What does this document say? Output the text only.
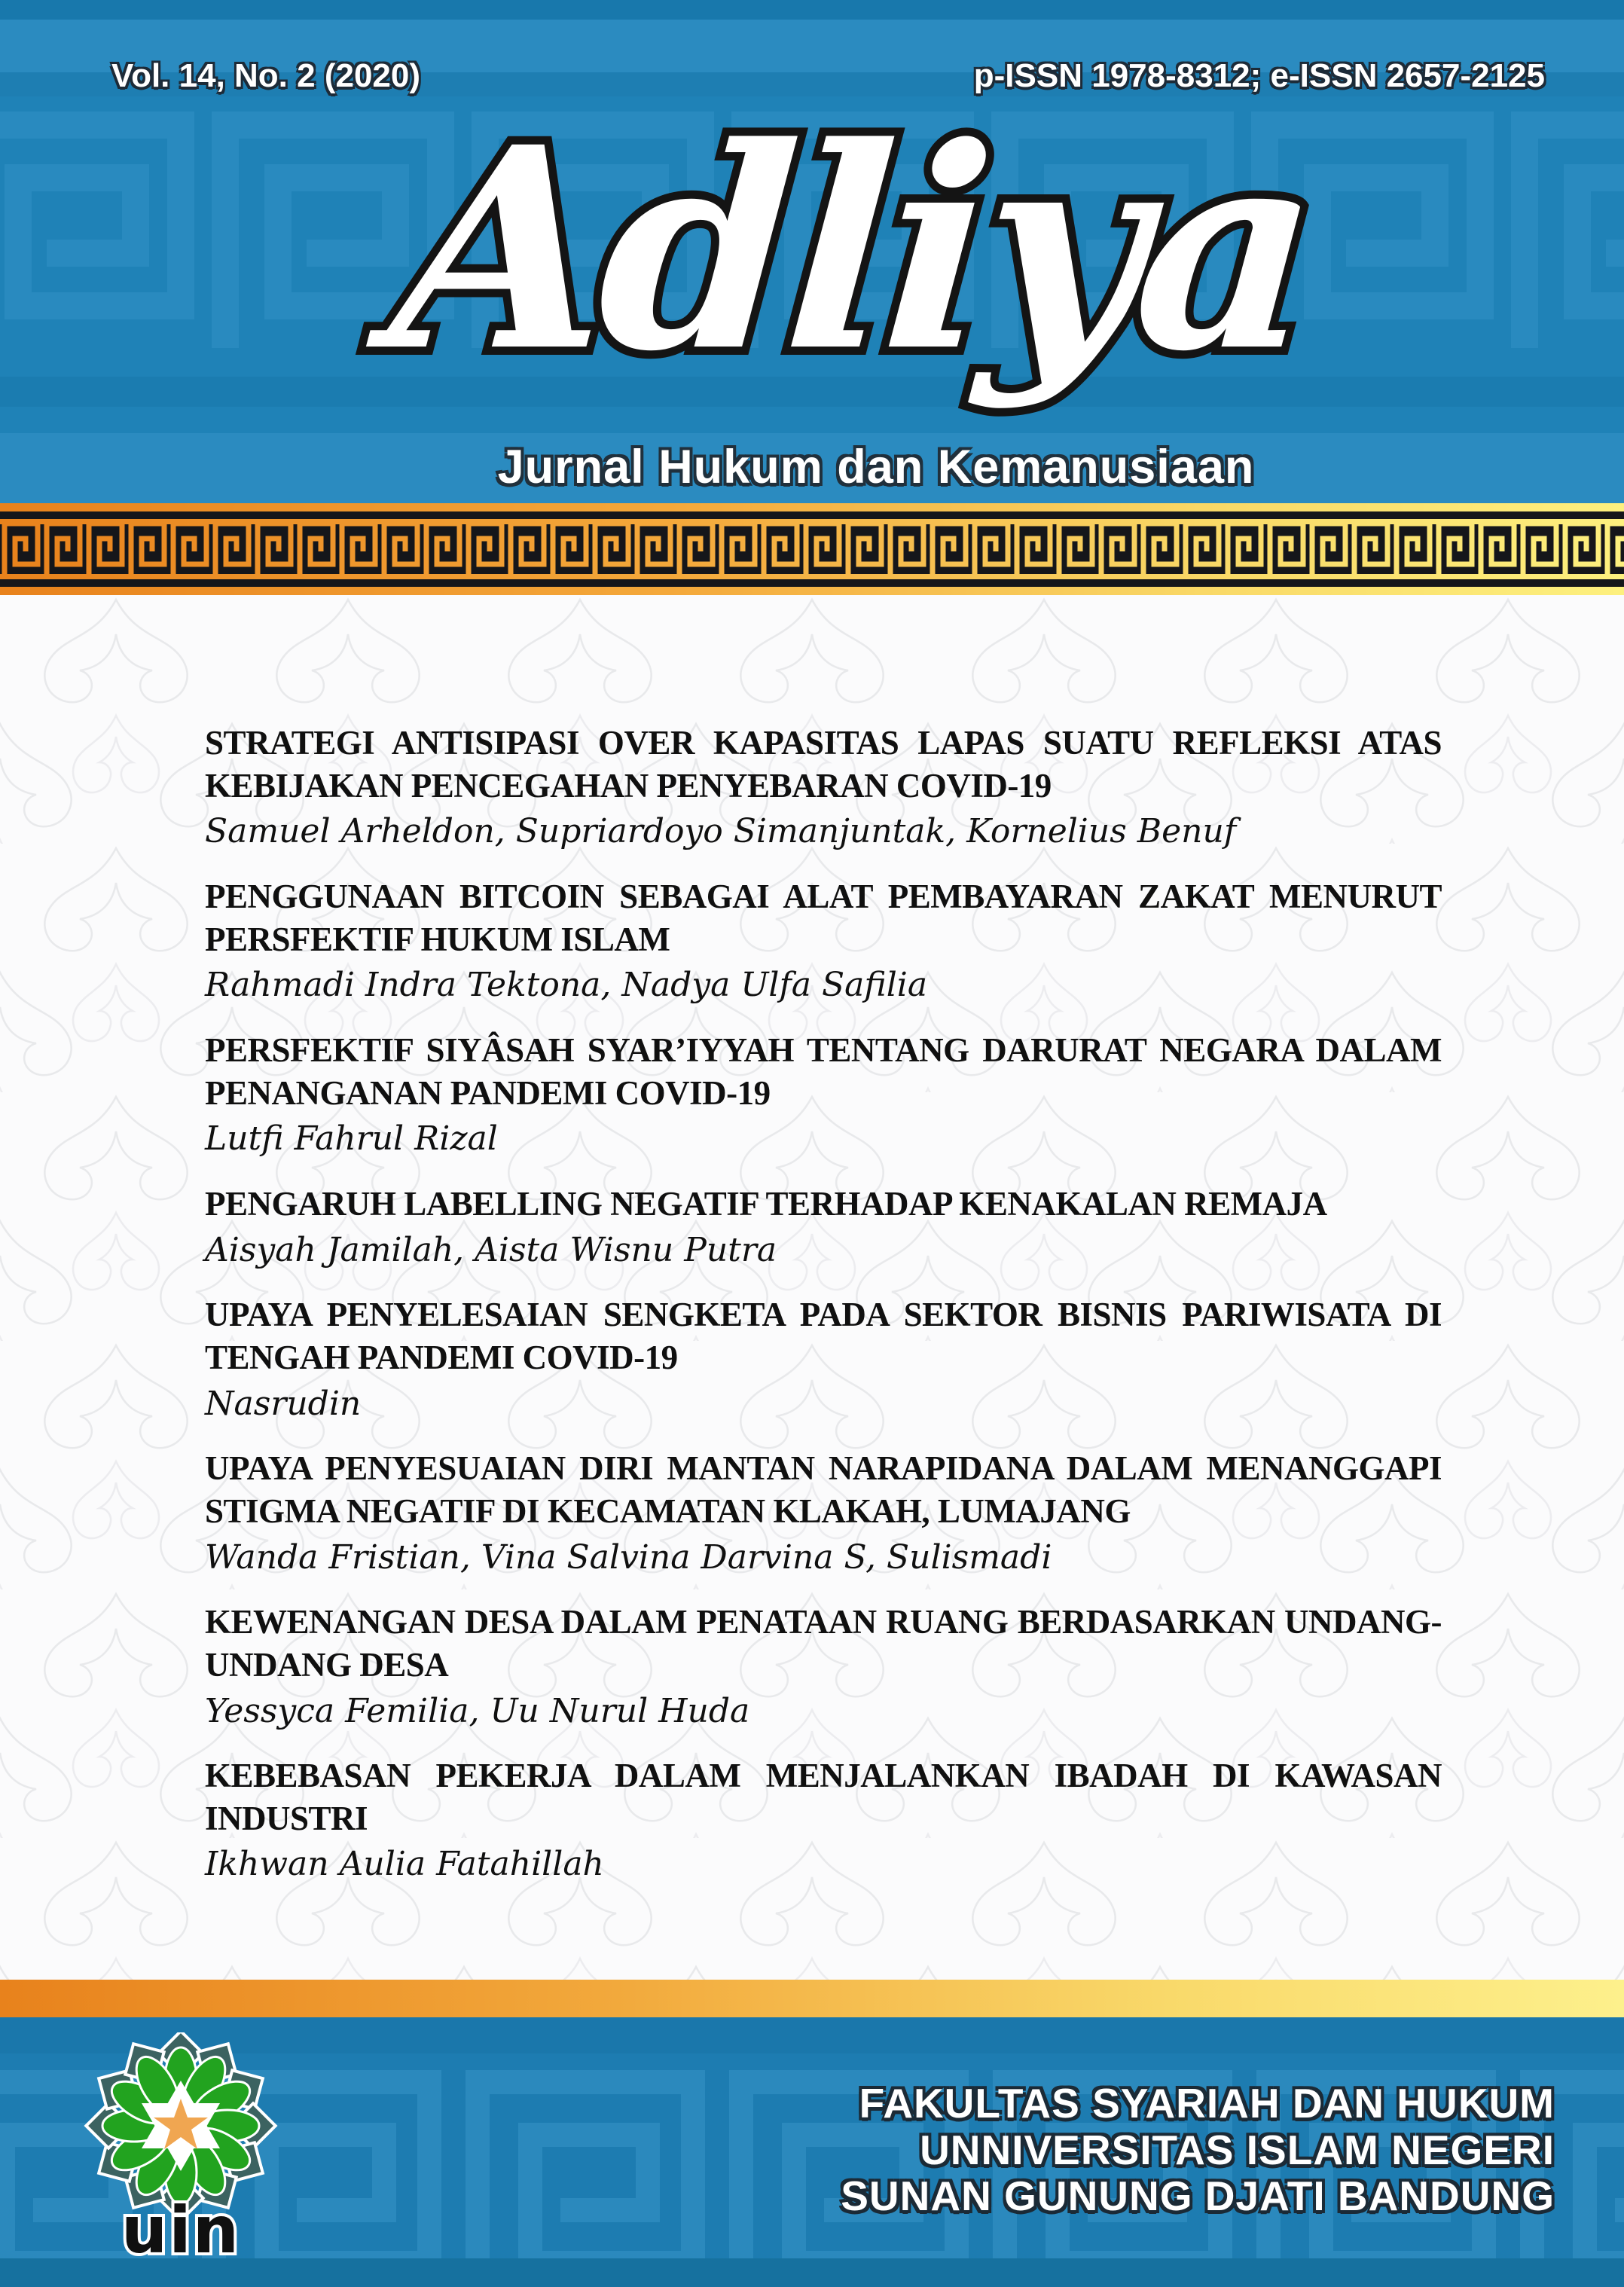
Vol. 14, No. 2 (2020)	p-ISSN 1978-8312; e-ISSN 2657-2125
Adliya
Jurnal Hukum dan Kemanusiaan
STRATEGI ANTISIPASI OVER KAPASITAS LAPAS SUATU REFLEKSI ATAS KEBIJAKAN PENCEGAHAN PENYEBARAN COVID-19
Samuel Arheldon, Supriardoyo Simanjuntak, Kornelius Benuf
PENGGUNAAN BITCOIN SEBAGAI ALAT PEMBAYARAN ZAKAT MENURUT PERSFEKTIF HUKUM ISLAM
Rahmadi Indra Tektona, Nadya Ulfa Safilia
PERSFEKTIF SIYÂSAH SYAR’IYYAH TENTANG DARURAT NEGARA DALAM PENANGANAN PANDEMI COVID-19
Lutfi Fahrul Rizal
PENGARUH LABELLING NEGATIF TERHADAP KENAKALAN REMAJA
Aisyah Jamilah, Aista Wisnu Putra
UPAYA PENYELESAIAN SENGKETA PADA SEKTOR BISNIS PARIWISATA DI TENGAH PANDEMI COVID-19
Nasrudin
UPAYA PENYESUAIAN DIRI MANTAN NARAPIDANA DALAM MENANGGAPI STIGMA NEGATIF DI KECAMATAN KLAKAH, LUMAJANG
Wanda Fristian, Vina Salvina Darvina S, Sulismadi
KEWENANGAN DESA DALAM PENATAAN RUANG BERDASARKAN UNDANG-UNDANG DESA
Yessyca Femilia, Uu Nurul Huda
KEBEBASAN PEKERJA DALAM MENJALANKAN IBADAH DI KAWASAN INDUSTRI
Ikhwan Aulia Fatahillah
uin
FAKULTAS SYARIAH DAN HUKUM
UNNIVERSITAS ISLAM NEGERI
SUNAN GUNUNG DJATI BANDUNG
